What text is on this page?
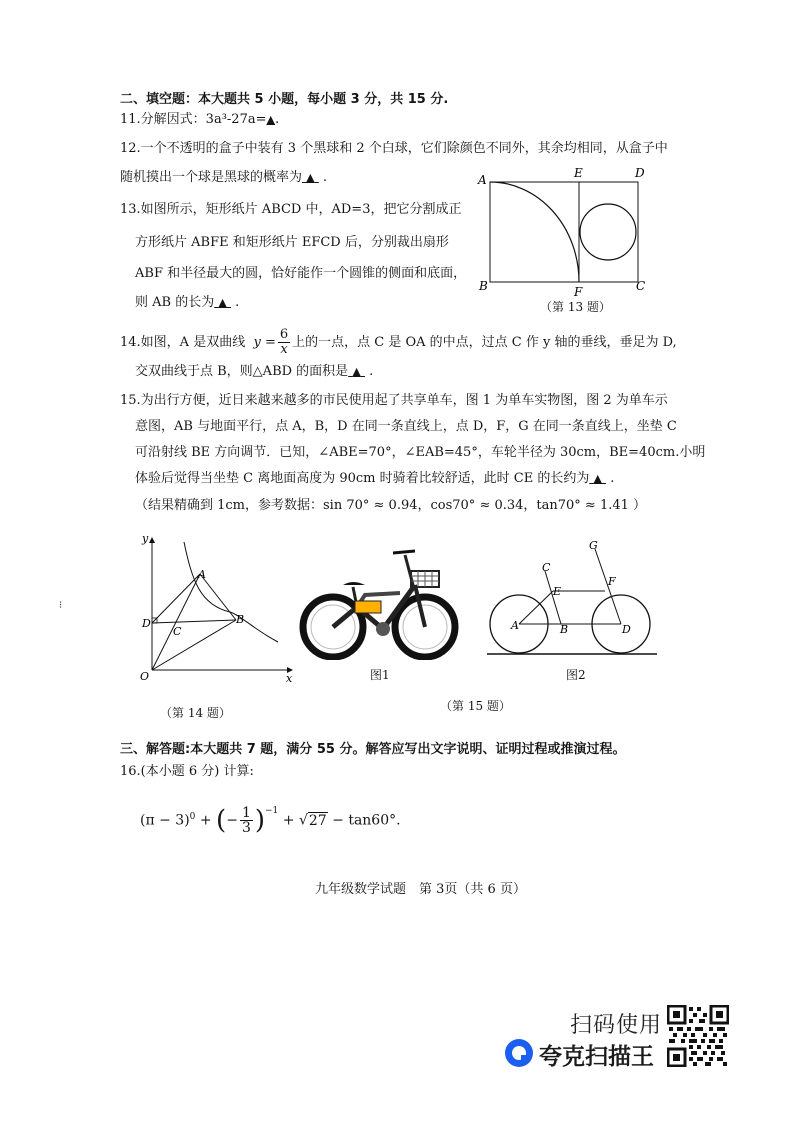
二、填空题：本大题共 5 小题，每小题 3 分，共 15 分.
11.分解因式：3a³-27a=▲.
12.一个不透明的盒子中装有 3 个黑球和 2 个白球，它们除颜色不同外，其余均相同，从盒子中
随机摸出一个球是黑球的概率为 ▲ .
13.如图所示，矩形纸片 ABCD 中，AD=3，把它分割成正
方形纸片 ABFE 和矩形纸片 EFCD 后，分别裁出扇形
ABF 和半径最大的圆，恰好能作一个圆锥的侧面和底面，
则 AB 的长为 ▲ .
A	E	D
B	F	C
（第 13 题）
14.如图，A 是双曲线 $y = \frac{6}{x}$ 上的一点，点 C 是 OA 的中点，过点 C 作 y 轴的垂线，垂足为 D,
交双曲线于点 B，则△ABD 的面积是 ▲ .
15.为出行方便，近日来越来越多的市民使用起了共享单车，图 1 为单车实物图，图 2 为单车示
意图，AB 与地面平行，点 A，B，D 在同一条直线上，点 D，F，G 在同一条直线上，坐垫 C
可沿射线 BE 方向调节．已知，∠ABE=70°，∠EAB=45°，车轮半径为 30cm，BE=40cm.小明
体验后觉得当坐垫 C 离地面高度为 90cm 时骑着比较舒适，此时 CE 的长约为 ▲ .
（结果精确到 1cm，参考数据：sin 70° ≈ 0.94，cos70° ≈ 0.34，tan70° ≈ 1.41 ）
y
x
O
A
B
C
D
（第 14 题）
图1
G
C
E
F
A	B	D
图2
（第 15 题）
三、解答题:本大题共 7 题，满分 55 分。解答应写出文字说明、证明过程或推演过程。
16.(本小题 6 分) 计算:
$(\pi - 3)^0$ + (− $\frac{1}{3} )^{-1} + √27 - \tan 60^\circ$.
九年级数学试题　第 3页（共 6 页）
扫码使用
夸克扫描王
⁝
